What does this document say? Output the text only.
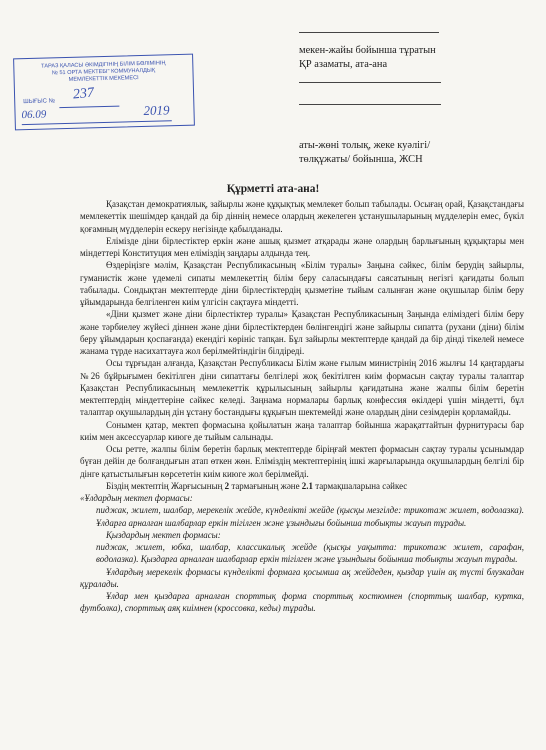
ТАРАЗ ҚАЛАСЫ ӘКІМДІГІНІҢ БІЛІМ БӨЛІМІНІҢ
№ 51 ОРТА МЕКТЕБІ" КОММУНАЛДЫҚ
МЕМЛЕКЕТТІК МЕКЕМЕСІ
ШЫҒЫС № 237
06.09	2019
мекен-жайы бойынша тұратын
ҚР азаматы, ата-ана
аты-жөні толық, жеке куәлігі/
төлқұжаты/ бойынша, ЖСН
Құрметті ата-ана!

Қазақстан демократиялық, зайырлы және құқықтық мемлекет болып табылады. Осығаң орай, Қазақстандағы мемлекеттік шешімдер қандай да бір діннің немесе олардың жекелеген ұстанушыларының мүдделерін емес, бүкіл қоғамның мүдделерін ескеру негізінде қабылданады.

Елімізде діни бірлестіктер еркін және ашық қызмет атқарады және олардың барлығының құқықтары мен міндеттері Конституция мен еліміздің заңдары алдында тең.

Өздеріңізге мәлім, Қазақстан Республикасының «Білім туралы» Заңына сәйкес, білім берудің зайырлы, гуманистік және үдемелі сипаты мемлекеттің білім беру саласындағы саясатының негізгі қағидаты болып табылады. Сондықтан мектептерде діни бірлестіктердің қызметіне тыйым салынған және оқушылар білім беру ұйымдарында белгіленген киім үлгісін сақтауға міндетті.

«Діни қызмет және діни бірлестіктер туралы» Қазақстан Республикасының Заңында еліміздегі білім беру және тәрбиелеу жүйесі діннен және діни бірлестіктерден бөлінгендігі және зайырлы сипатта (рухани (діни) білім беру ұйымдарын қоспағанда) екендігі көрініс тапқан. Бұл зайырлы мектептерде қандай да бір дінді тікелей немесе жанама түрде насихаттауға жол берілмейтіндігін білдіреді.

Осы тұрғыдан алғанда, Қазақстан Республикасы Білім және ғылым министрінің 2016 жылғы 14 қаңтардағы №26 бұйрығымен бекітілген діни сипаттағы белгілері жоқ бекітілген киім формасын сақтау туралы талаптар Қазақстан Республикасының мемлекеттік құрылысының зайырлы қағидатына және жалпы білім беретін мектептердің міндеттеріне сәйкес келеді. Заңнама нормалары барлық конфессия өкілдері үшін міндетті, бұл талаптар оқушылардың дін ұстану бостандығы құқығын шектемейді және олардың діни сезімдерін қорламайды.

Сонымен қатар, мектеп формасына қойылатын жаңа талаптар бойынша жарақаттайтын фурнитурасы бар киім мен аксессуарлар киюге де тыйым салынады.

Осы ретте, жалпы білім беретін барлық мектептерде біріңғай мектеп формасын сақтау туралы ұсынымдар бүған дейін де болғандығын атап өткен жөн. Еліміздің мектептерінің ішкі жарғыларында оқушылардың белгілі бір дінге қатыстылығын көрсететін киім киюге жол берілмейді.

Біздің мектептің Жарғысының 2 тармағының және 2.1 тармақшаларына сәйкес

«Ұлдардың мектеп формасы:

пиджак, жилет, шалбар, мерекелік жейде, күнделікті жейде (қысқы мезгілде: трикотаж жилет, водолазка). Ұлдарға арналған шалбарлар еркін тігілген және ұзындығы бойынша тобықты жауып тұрады.

Қыздардың мектеп формасы:

пиджак, жилет, юбка, шалбар, классикалық жейде (қысқы уақытта: трикотаж жилет, сарафан, водолазка). Қыздарға арналған шалбарлар еркін тігілген және ұзындығы бойынша тобықты жауып тұрады.

Ұлдардың мерекелік формасы күнделікті формаға қосымша ақ жейдеден, қыздар үшін ақ түсті блузкадан құралады.

Ұлдар мен қыздарға арналған спорттық форма спорттық костюмнен (спорттық шалбар, куртка, футболка), спорттық аяқ киімнен (кроссовка, кеды) тұрады.
